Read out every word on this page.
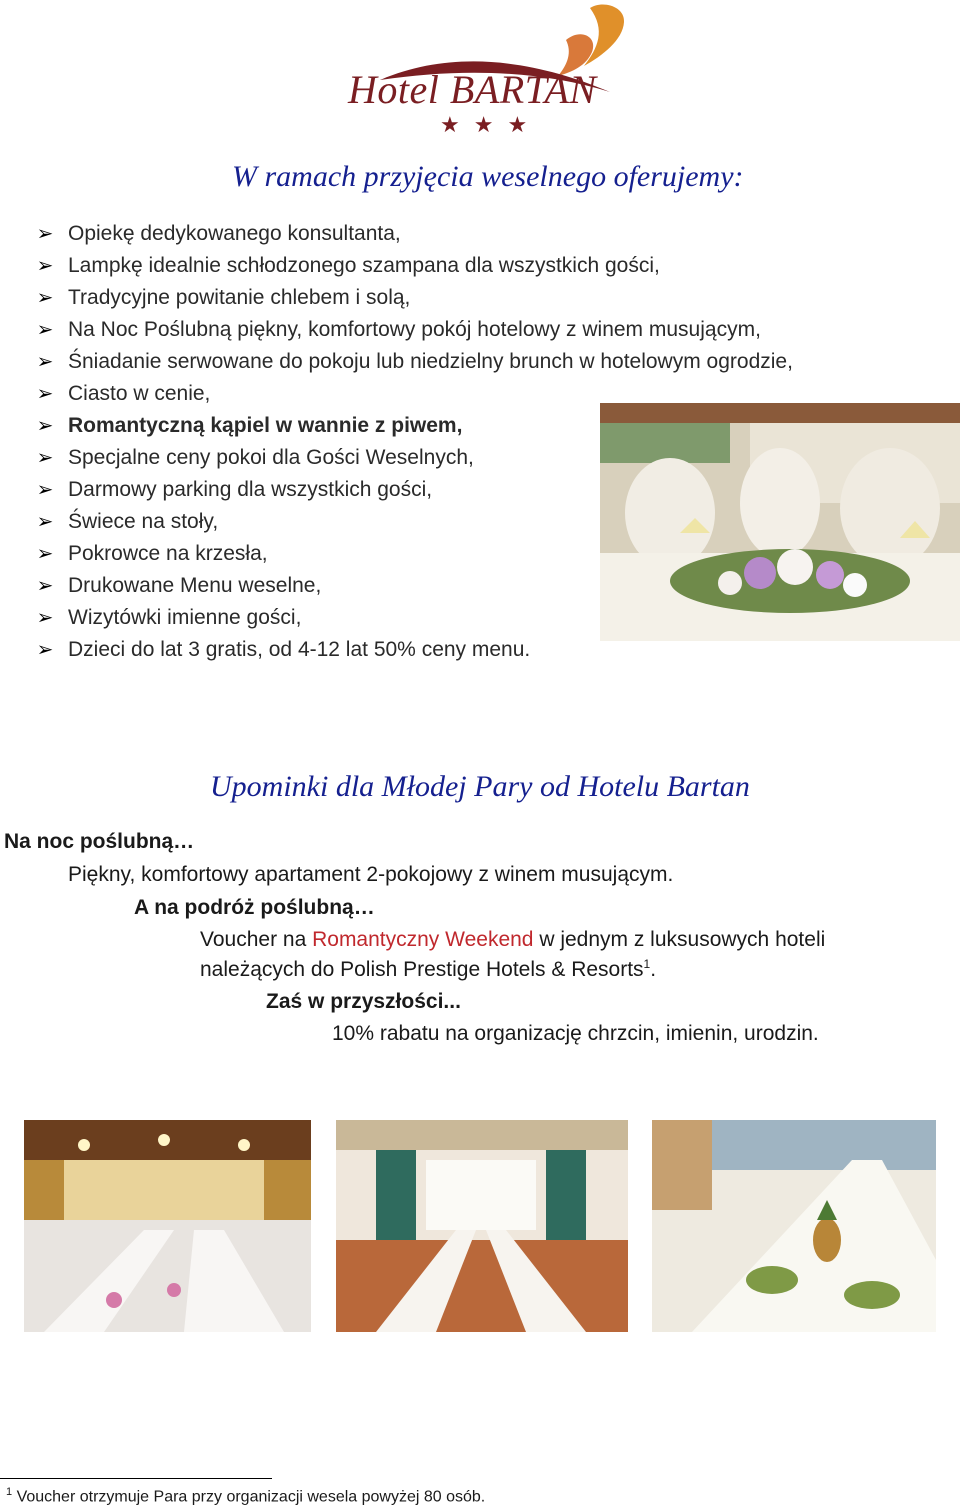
Hotel BARTAN
★★★
W ramach przyjęcia weselnego oferujemy:
➢ Opiekę dedykowanego konsultanta,
➢ Lampkę idealnie schłodzonego szampana dla wszystkich gości,
➢ Tradycyjne powitanie chlebem i solą,
➢ Na Noc Poślubną piękny, komfortowy pokój hotelowy z winem musującym,
➢ Śniadanie serwowane do pokoju lub niedzielny brunch w hotelowym ogrodzie,
➢ Ciasto w cenie,
➢ Romantyczną kąpiel w wannie z piwem,
➢ Specjalne ceny pokoi dla Gości Weselnych,
➢ Darmowy parking dla wszystkich gości,
➢ Świece na stoły,
➢ Pokrowce na krzesła,
➢ Drukowane Menu weselne,
➢ Wizytówki imienne gości,
➢ Dzieci do lat 3 gratis, od 4-12 lat 50% ceny menu.
Upominki dla Młodej Pary od Hotelu Bartan
Na noc poślubną…
Piękny, komfortowy apartament 2-pokojowy z winem musującym.
A na podróż poślubną…
Voucher na Romantyczny Weekend w jednym z luksusowych hoteli
należących do Polish Prestige Hotels & Resorts$^1$.
Zaś w przyszłości...
10% rabatu na organizację chrzcin, imienin, urodzin.
$^1$ Voucher otrzymuje Para przy organizacji wesela powyżej 80 osób.
